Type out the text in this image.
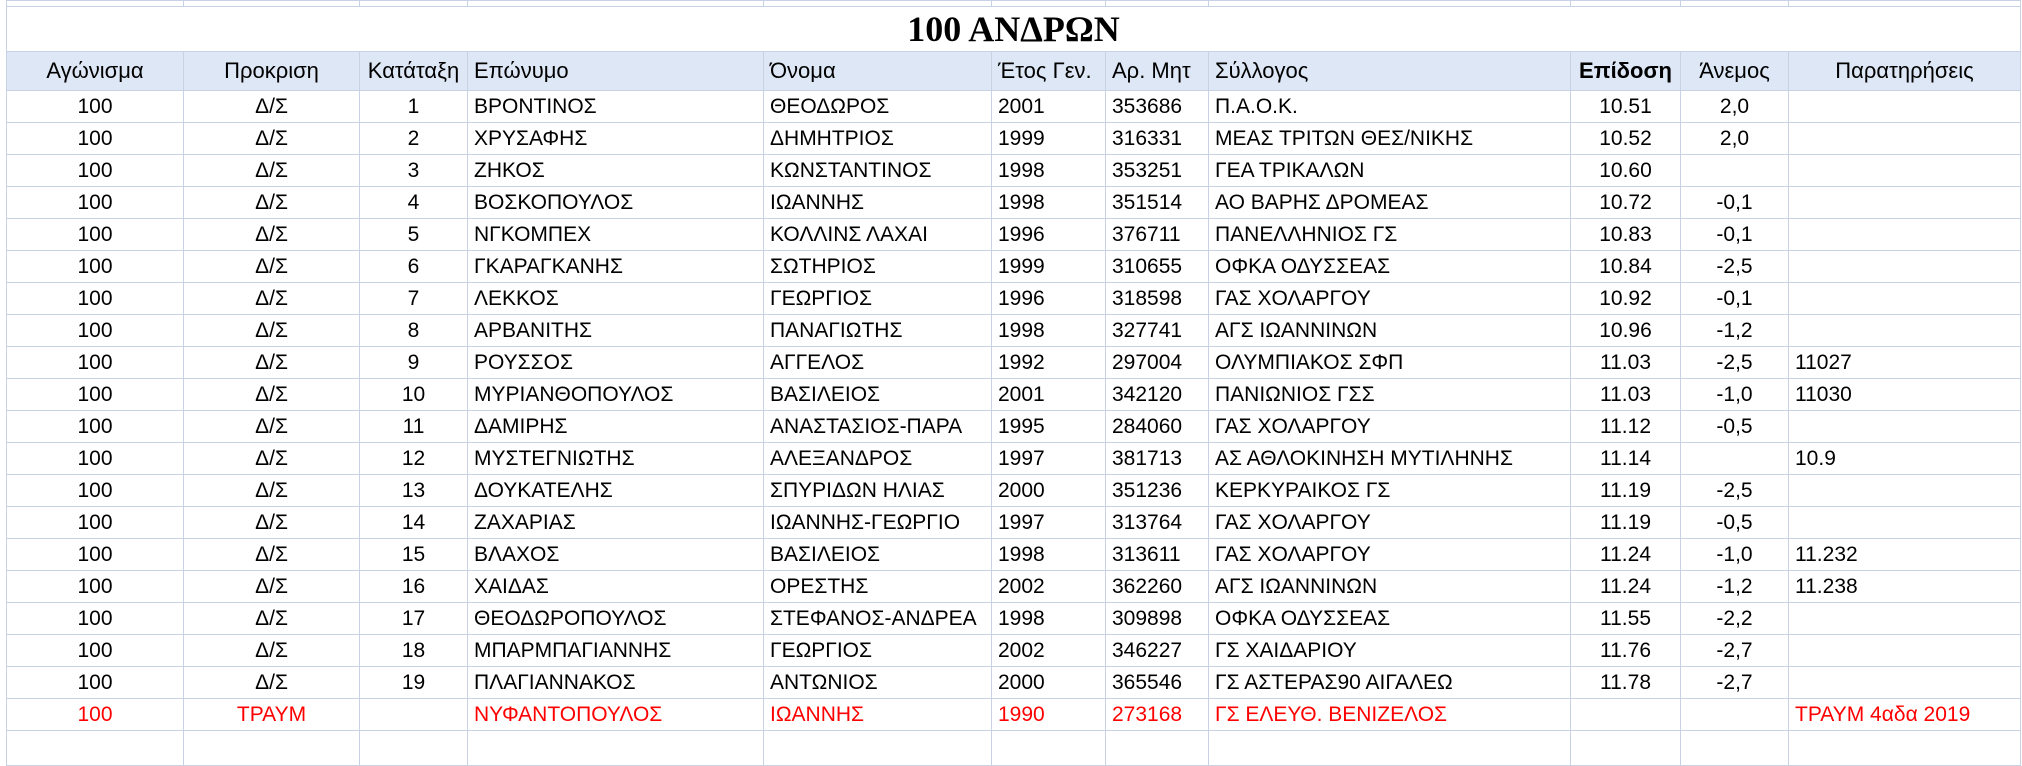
100 ΑΝΔΡΩΝ										
Αγώνισμα	Προκριση	Κατάταξη	Επώνυμο	Όνομα	Έτος Γεν.	Αρ. Μητ	Σύλλογος	Επίδοση	Άνεμος	Παρατηρήσεις
100	Δ/Σ	1	ΒΡΟΝΤΙΝΟΣ	ΘΕΟΔΩΡΟΣ	2001	353686	Π.Α.Ο.Κ.	10.51	2,0	
100	Δ/Σ	2	ΧΡΥΣΑΦΗΣ	ΔΗΜΗΤΡΙΟΣ	1999	316331	ΜΕΑΣ ΤΡΙΤΩΝ ΘΕΣ/ΝΙΚΗΣ	10.52	2,0	
100	Δ/Σ	3	ΖΗΚΟΣ	ΚΩΝΣΤΑΝΤΙΝΟΣ	1998	353251	ΓΕΑ ΤΡΙΚΑΛΩΝ	10.60		
100	Δ/Σ	4	ΒΟΣΚΟΠΟΥΛΟΣ	ΙΩΑΝΝΗΣ	1998	351514	ΑΟ ΒΑΡΗΣ ΔΡΟΜΕΑΣ	10.72	-0,1	
100	Δ/Σ	5	ΝΓΚΟΜΠΕΧ	ΚΟΛΛΙΝΣ ΛΑΧΑΙ	1996	376711	ΠΑΝΕΛΛΗΝΙΟΣ ΓΣ	10.83	-0,1	
100	Δ/Σ	6	ΓΚΑΡΑΓΚΑΝΗΣ	ΣΩΤΗΡΙΟΣ	1999	310655	ΟΦΚΑ ΟΔΥΣΣΕΑΣ	10.84	-2,5	
100	Δ/Σ	7	ΛΕΚΚΟΣ	ΓΕΩΡΓΙΟΣ	1996	318598	ΓΑΣ ΧΟΛΑΡΓΟΥ	10.92	-0,1	
100	Δ/Σ	8	ΑΡΒΑΝΙΤΗΣ	ΠΑΝΑΓΙΩΤΗΣ	1998	327741	ΑΓΣ ΙΩΑΝΝΙΝΩΝ	10.96	-1,2	
100	Δ/Σ	9	ΡΟΥΣΣΟΣ	ΑΓΓΕΛΟΣ	1992	297004	ΟΛΥΜΠΙΑΚΟΣ ΣΦΠ	11.03	-2,5	11027
100	Δ/Σ	10	ΜΥΡΙΑΝΘΟΠΟΥΛΟΣ	ΒΑΣΙΛΕΙΟΣ	2001	342120	ΠΑΝΙΩΝΙΟΣ ΓΣΣ	11.03	-1,0	11030
100	Δ/Σ	11	ΔΑΜΙΡΗΣ	ΑΝΑΣΤΑΣΙΟΣ-ΠΑΡΑ	1995	284060	ΓΑΣ ΧΟΛΑΡΓΟΥ	11.12	-0,5	
100	Δ/Σ	12	ΜΥΣΤΕΓΝΙΩΤΗΣ	ΑΛΕΞΑΝΔΡΟΣ	1997	381713	ΑΣ ΑΘΛΟΚΙΝΗΣΗ ΜΥΤΙΛΗΝΗΣ	11.14		10.9
100	Δ/Σ	13	ΔΟΥΚΑΤΕΛΗΣ	ΣΠΥΡΙΔΩΝ ΗΛΙΑΣ	2000	351236	ΚΕΡΚΥΡΑΙΚΟΣ ΓΣ	11.19	-2,5	
100	Δ/Σ	14	ΖΑΧΑΡΙΑΣ	ΙΩΑΝΝΗΣ-ΓΕΩΡΓΙΟ	1997	313764	ΓΑΣ ΧΟΛΑΡΓΟΥ	11.19	-0,5	
100	Δ/Σ	15	ΒΛΑΧΟΣ	ΒΑΣΙΛΕΙΟΣ	1998	313611	ΓΑΣ ΧΟΛΑΡΓΟΥ	11.24	-1,0	11.232
100	Δ/Σ	16	ΧΑΙΔΑΣ	ΟΡΕΣΤΗΣ	2002	362260	ΑΓΣ ΙΩΑΝΝΙΝΩΝ	11.24	-1,2	11.238
100	Δ/Σ	17	ΘΕΟΔΩΡΟΠΟΥΛΟΣ	ΣΤΕΦΑΝΟΣ-ΑΝΔΡΕΑ	1998	309898	ΟΦΚΑ ΟΔΥΣΣΕΑΣ	11.55	-2,2	
100	Δ/Σ	18	ΜΠΑΡΜΠΑΓΙΑΝΝΗΣ	ΓΕΩΡΓΙΟΣ	2002	346227	ΓΣ ΧΑΙΔΑΡΙΟΥ	11.76	-2,7	
100	Δ/Σ	19	ΠΛΑΓΙΑΝΝΑΚΟΣ	ΑΝΤΩΝΙΟΣ	2000	365546	ΓΣ ΑΣΤΕΡΑΣ90 ΑΙΓΑΛΕΩ	11.78	-2,7	
100	ΤΡΑΥΜ		ΝΥΦΑΝΤΟΠΟΥΛΟΣ	ΙΩΑΝΝΗΣ	1990	273168	ΓΣ ΕΛΕΥΘ. ΒΕΝΙΖΕΛΟΣ			ΤΡΑΥΜ 4αδα 2019
